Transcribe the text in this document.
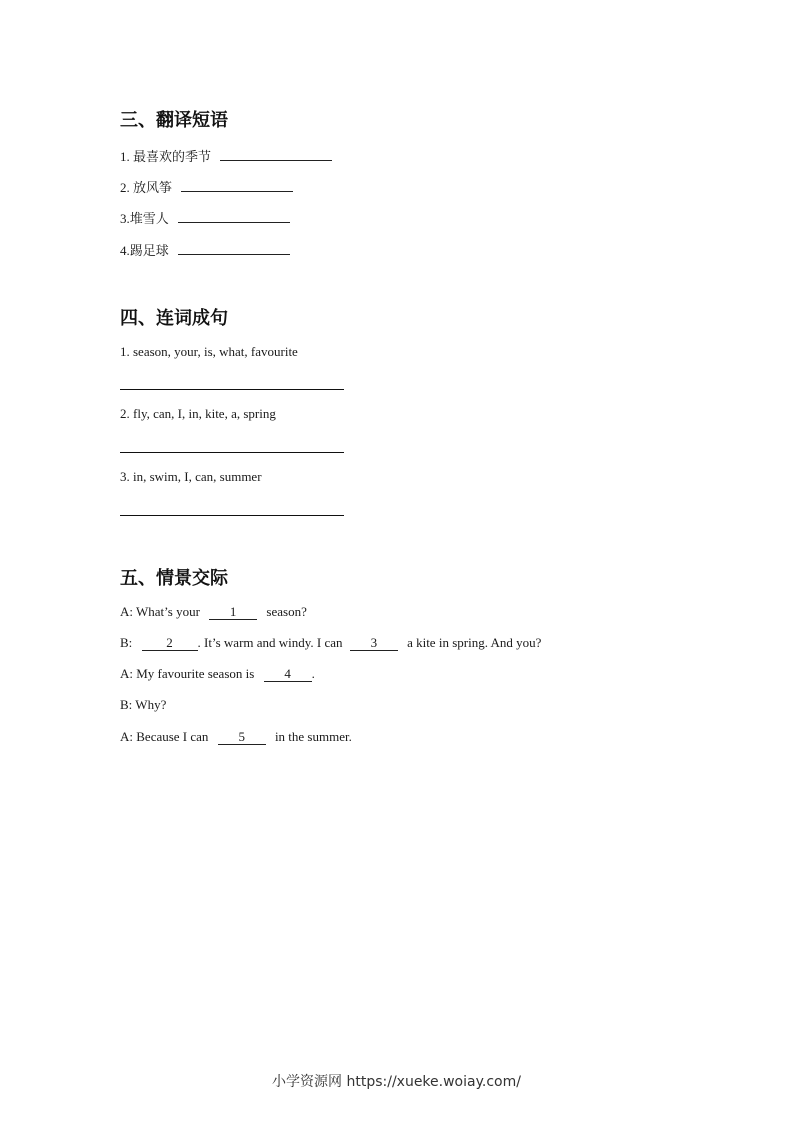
三、翻译短语
1. 最喜欢的季节
2. 放风筝
3.堆雪人
4.踢足球
四、连词成句
1. season, your, is, what, favourite
2. fly, can, I, in, kite, a, spring
3. in, swim, I, can, summer
五、情景交际
A: What’s your 1 season?
B:	2 . It’s warm and windy. I can 3 a kite in spring. And you?
A: My favourite season is 4 .
B: Why?
A: Because I can 5 in the summer.
小学资源网 https://xueke.woiay.com/
